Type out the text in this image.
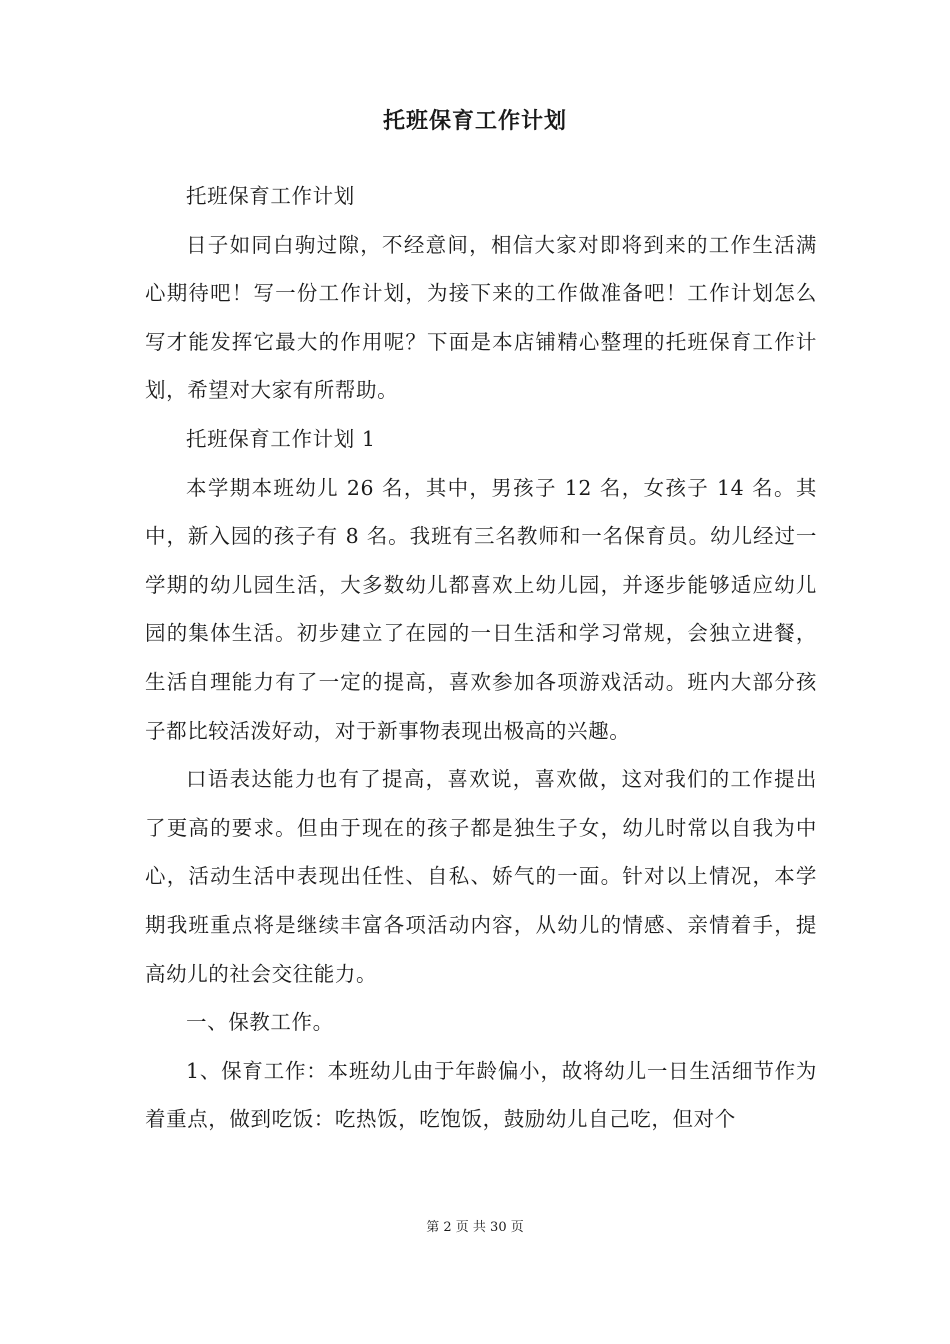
托班保育工作计划

托班保育工作计划

日子如同白驹过隙，不经意间，相信大家对即将到来的工作生活满心期待吧！写一份工作计划，为接下来的工作做准备吧！工作计划怎么写才能发挥它最大的作用呢？下面是本店铺精心整理的托班保育工作计划，希望对大家有所帮助。

托班保育工作计划 1

本学期本班幼儿 26 名，其中，男孩子 12 名，女孩子 14 名。其中，新入园的孩子有 8 名。我班有三名教师和一名保育员。幼儿经过一学期的幼儿园生活，大多数幼儿都喜欢上幼儿园，并逐步能够适应幼儿园的集体生活。初步建立了在园的一日生活和学习常规，会独立进餐，生活自理能力有了一定的提高，喜欢参加各项游戏活动。班内大部分孩子都比较活泼好动，对于新事物表现出极高的兴趣。

口语表达能力也有了提高，喜欢说，喜欢做，这对我们的工作提出了更高的要求。但由于现在的孩子都是独生子女，幼儿时常以自我为中心，活动生活中表现出任性、自私、娇气的一面。针对以上情况，本学期我班重点将是继续丰富各项活动内容，从幼儿的情感、亲情着手，提高幼儿的社会交往能力。

一、保教工作。

1、保育工作：本班幼儿由于年龄偏小，故将幼儿一日生活细节作为着重点，做到吃饭：吃热饭，吃饱饭，鼓励幼儿自己吃，但对个

第 2 页 共 30 页
